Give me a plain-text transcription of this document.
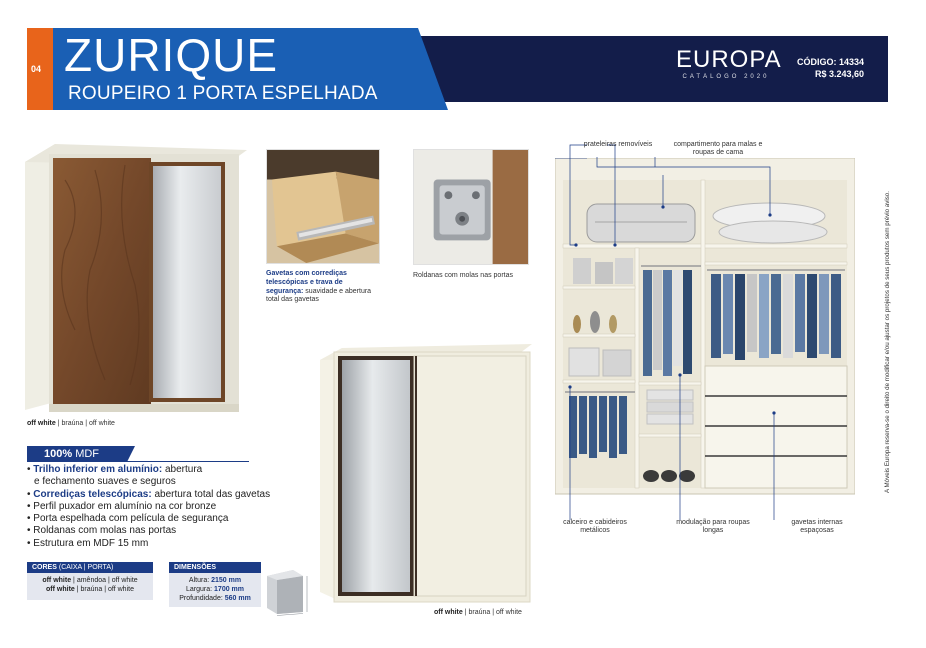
04 ZURIQUE
ROUPEIRO 1 PORTA ESPELHADA
EUROPA
CATÁLOGO 2020
CÓDIGO: 14334
R$ 3.243,60
off white | braúna | off white
Gavetas com corrediças telescópicas e trava de segurança: suavidade e abertura total das gavetas
Roldanas com molas nas portas
off white | braúna | off white
100% MDF
• Trilho inferior em alumínio: abertura
e fechamento suaves e seguros
• Corrediças telescópicas: abertura total das gavetas
• Perfil puxador em alumínio na cor bronze
• Porta espelhada com película de segurança
• Roldanas com molas nas portas
• Estrutura em MDF 15 mm
CORES (CAIXA | PORTA)
off white | amêndoa | off white
off white | braúna | off white
DIMENSÕES
Altura: 2150 mm
Largura: 1700 mm
Profundidade: 560 mm
prateleiras removíveis	compartimento para malas e roupas de cama
calceiro e cabideiros metálicos
modulação para roupas longas
gavetas internas espaçosas
A Móveis Europa reserva-se o direito de modificar e/ou ajustar os projetos de seus produtos sem prévio aviso.
